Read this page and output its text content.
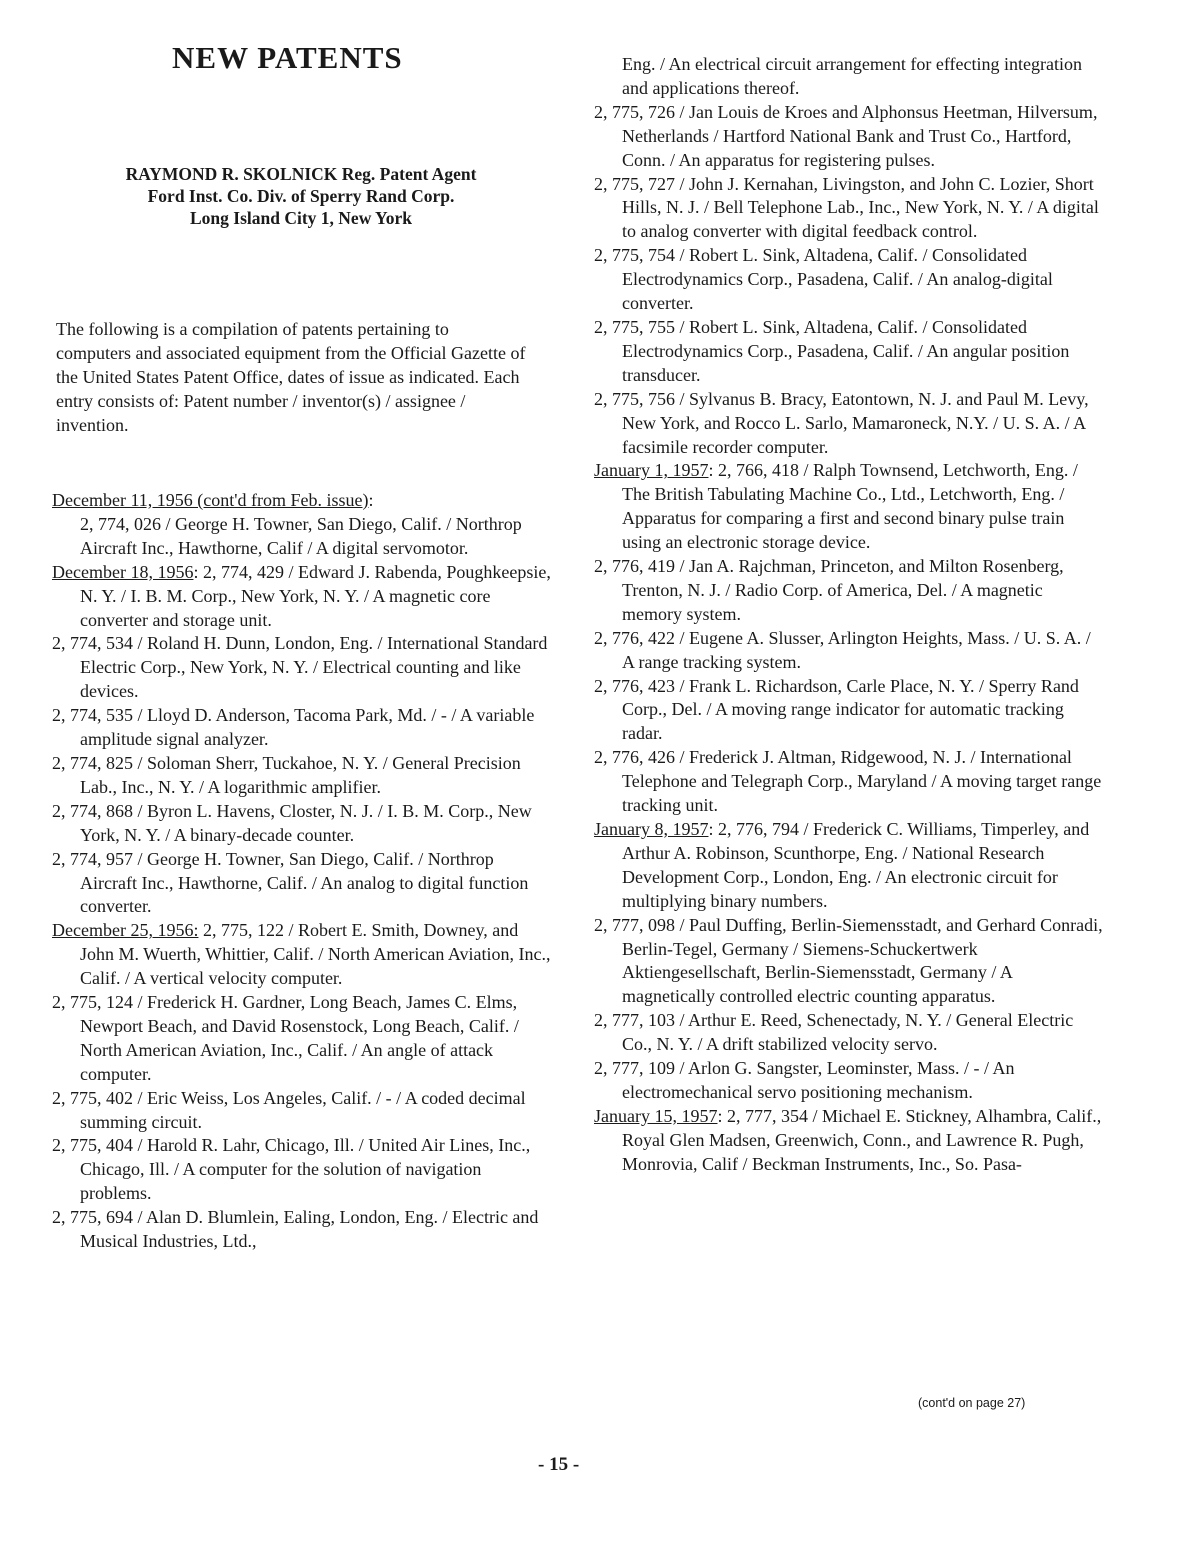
NEW PATENTS
RAYMOND R. SKOLNICK Reg. Patent Agent
Ford Inst. Co. Div. of Sperry Rand Corp.
Long Island City 1, New York

The following is a compilation of patents pertaining to computers and associated equipment from the Official Gazette of the United States Patent Office, dates of issue as indicated. Each entry consists of: Patent number / inventor(s) / assignee / invention.

December 11, 1956 (cont'd from Feb. issue):
2, 774, 026 / George H. Towner, San Diego, Calif. / Northrop Aircraft Inc., Hawthorne, Calif / A digital servomotor.
December 18, 1956: 2, 774, 429 / Edward J. Rabenda, Poughkeepsie, N. Y. / I. B. M. Corp., New York, N. Y. / A magnetic core converter and storage unit.
2, 774, 534 / Roland H. Dunn, London, Eng. / International Standard Electric Corp., New York, N. Y. / Electrical counting and like devices.
2, 774, 535 / Lloyd D. Anderson, Tacoma Park, Md. / - / A variable amplitude signal analyzer.
2, 774, 825 / Soloman Sherr, Tuckahoe, N. Y. / General Precision Lab., Inc., N. Y. / A logarithmic amplifier.
2, 774, 868 / Byron L. Havens, Closter, N. J. / I. B. M. Corp., New York, N. Y. / A binary-decade counter.
2, 774, 957 / George H. Towner, San Diego, Calif. / Northrop Aircraft Inc., Hawthorne, Calif. / An analog to digital function converter.
December 25, 1956: 2, 775, 122 / Robert E. Smith, Downey, and John M. Wuerth, Whittier, Calif. / North American Aviation, Inc., Calif. / A vertical velocity computer.
2, 775, 124 / Frederick H. Gardner, Long Beach, James C. Elms, Newport Beach, and David Rosenstock, Long Beach, Calif. / North American Aviation, Inc., Calif. / An angle of attack computer.
2, 775, 402 / Eric Weiss, Los Angeles, Calif. / - / A coded decimal summing circuit.
2, 775, 404 / Harold R. Lahr, Chicago, Ill. / United Air Lines, Inc., Chicago, Ill. / A computer for the solution of navigation problems.
2, 775, 694 / Alan D. Blumlein, Ealing, London, Eng. / Electric and Musical Industries, Ltd.,
Eng. / An electrical circuit arrangement for effecting integration and applications thereof.
2, 775, 726 / Jan Louis de Kroes and Alphonsus Heetman, Hilversum, Netherlands / Hartford National Bank and Trust Co., Hartford, Conn. / An apparatus for registering pulses.
2, 775, 727 / John J. Kernahan, Livingston, and John C. Lozier, Short Hills, N. J. / Bell Telephone Lab., Inc., New York, N. Y. / A digital to analog converter with digital feedback control.
2, 775, 754 / Robert L. Sink, Altadena, Calif. / Consolidated Electrodynamics Corp., Pasadena, Calif. / An analog-digital converter.
2, 775, 755 / Robert L. Sink, Altadena, Calif. / Consolidated Electrodynamics Corp., Pasadena, Calif. / An angular position transducer.
2, 775, 756 / Sylvanus B. Bracy, Eatontown, N. J. and Paul M. Levy, New York, and Rocco L. Sarlo, Mamaroneck, N.Y. / U. S. A. / A facsimile recorder computer.
January 1, 1957: 2, 766, 418 / Ralph Townsend, Letchworth, Eng. / The British Tabulating Machine Co., Ltd., Letchworth, Eng. / Apparatus for comparing a first and second binary pulse train using an electronic storage device.
2, 776, 419 / Jan A. Rajchman, Princeton, and Milton Rosenberg, Trenton, N. J. / Radio Corp. of America, Del. / A magnetic memory system.
2, 776, 422 / Eugene A. Slusser, Arlington Heights, Mass. / U. S. A. / A range tracking system.
2, 776, 423 / Frank L. Richardson, Carle Place, N. Y. / Sperry Rand Corp., Del. / A moving range indicator for automatic tracking radar.
2, 776, 426 / Frederick J. Altman, Ridgewood, N. J. / International Telephone and Telegraph Corp., Maryland / A moving target range tracking unit.
January 8, 1957: 2, 776, 794 / Frederick C. Williams, Timperley, and Arthur A. Robinson, Scunthorpe, Eng. / National Research Development Corp., London, Eng. / An electronic circuit for multiplying binary numbers.
2, 777, 098 / Paul Duffing, Berlin-Siemensstadt, and Gerhard Conradi, Berlin-Tegel, Germany / Siemens-Schuckertwerk Aktiengesellschaft, Berlin-Siemensstadt, Germany / A magnetically controlled electric counting apparatus.
2, 777, 103 / Arthur E. Reed, Schenectady, N. Y. / General Electric Co., N. Y. / A drift stabilized velocity servo.
2, 777, 109 / Arlon G. Sangster, Leominster, Mass. / - / An electromechanical servo positioning mechanism.
January 15, 1957: 2, 777, 354 / Michael E. Stickney, Alhambra, Calif., Royal Glen Madsen, Greenwich, Conn., and Lawrence R. Pugh, Monrovia, Calif / Beckman Instruments, Inc., So. Pasa-
(cont'd on page 27)
- 15 -
